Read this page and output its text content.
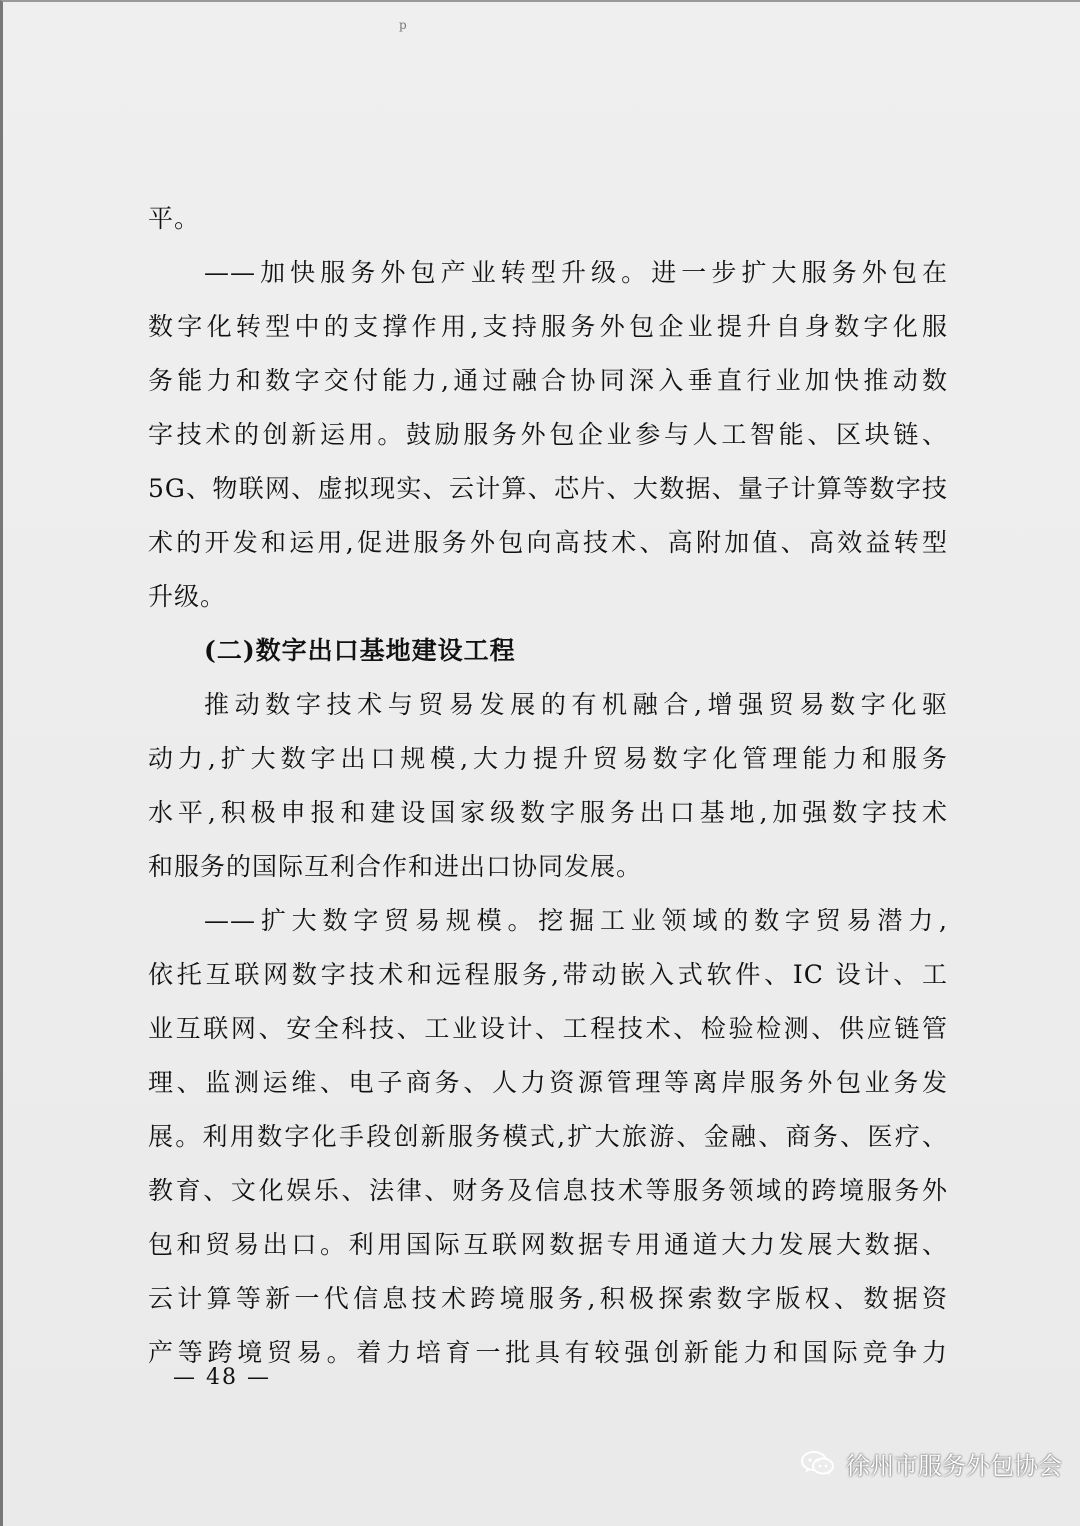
p
平。
——加快服务外包产业转型升级。进一步扩大服务外包在
数字化转型中的支撑作用,支持服务外包企业提升自身数字化服
务能力和数字交付能力,通过融合协同深入垂直行业加快推动数
字技术的创新运用。鼓励服务外包企业参与人工智能、区块链、
5G、物联网、虚拟现实、云计算、芯片、大数据、量子计算等数字技
术的开发和运用,促进服务外包向高技术、高附加值、高效益转型
升级。
(二)数字出口基地建设工程
推动数字技术与贸易发展的有机融合,增强贸易数字化驱
动力,扩大数字出口规模,大力提升贸易数字化管理能力和服务
水平,积极申报和建设国家级数字服务出口基地,加强数字技术
和服务的国际互利合作和进出口协同发展。
——扩大数字贸易规模。挖掘工业领域的数字贸易潜力,
依托互联网数字技术和远程服务,带动嵌入式软件、IC 设计、工
业互联网、安全科技、工业设计、工程技术、检验检测、供应链管
理、监测运维、电子商务、人力资源管理等离岸服务外包业务发
展。利用数字化手段创新服务模式,扩大旅游、金融、商务、医疗、
教育、文化娱乐、法律、财务及信息技术等服务领域的跨境服务外
包和贸易出口。利用国际互联网数据专用通道大力发展大数据、
云计算等新一代信息技术跨境服务,积极探索数字版权、数据资
产等跨境贸易。着力培育一批具有较强创新能力和国际竞争力
— 48 —
徐州市服务外包协会
